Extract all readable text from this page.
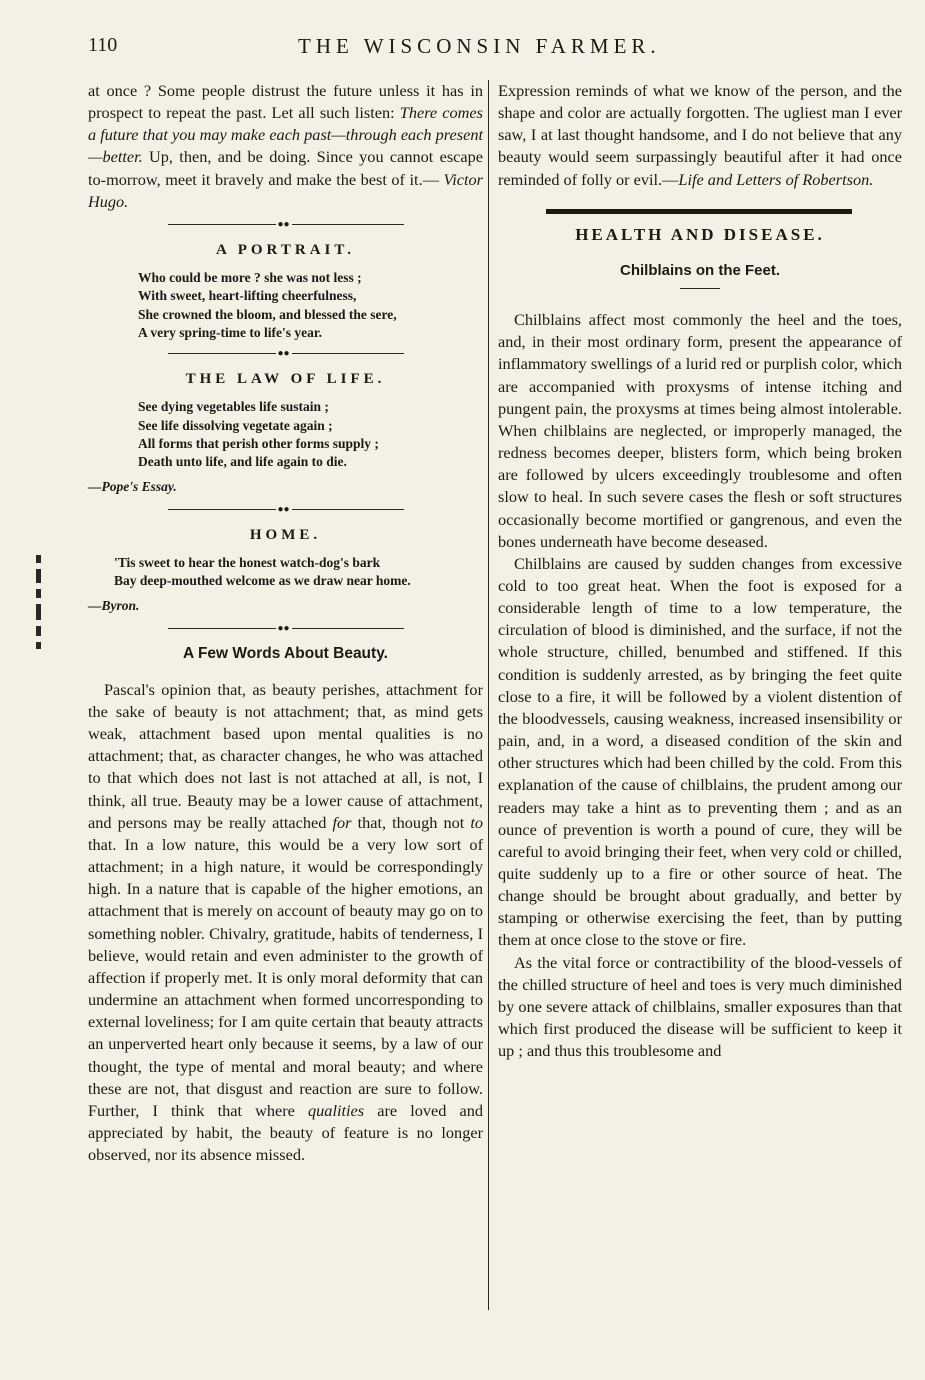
110	THE WISCONSIN FARMER.

at once ? Some people distrust the future unless it has in prospect to repeat the past. Let all such listen: There comes a future that you may make each past—through each present—better. Up, then, and be doing. Since you cannot escape to-morrow, meet it bravely and make the best of it.— Victor Hugo.

●●
A PORTRAIT.
Who could be more ? she was not less ;
With sweet, heart-lifting cheerfulness,
She crowned the bloom, and blessed the sere,
A very spring-time to life's year.
●●
THE LAW OF LIFE.
See dying vegetables life sustain ;
See life dissolving vegetate again ;
All forms that perish other forms supply ;
Death unto life, and life again to die.
—Pope's Essay.
●●
HOME.
'Tis sweet to hear the honest watch-dog's bark
Bay deep-mouthed welcome as we draw near home.
—Byron.
●●
A Few Words About Beauty.

Pascal's opinion that, as beauty perishes, attachment for the sake of beauty is not attachment; that, as mind gets weak, attachment based upon mental qualities is no attachment; that, as character changes, he who was attached to that which does not last is not attached at all, is not, I think, all true. Beauty may be a lower cause of attachment, and persons may be really attached for that, though not to that. In a low nature, this would be a very low sort of attachment; in a high nature, it would be correspondingly high. In a nature that is capable of the higher emotions, an attachment that is merely on account of beauty may go on to something nobler. Chivalry, gratitude, habits of tenderness, I believe, would retain and even administer to the growth of affection if properly met. It is only moral deformity that can undermine an attachment when formed uncorresponding to external loveliness; for I am quite certain that beauty attracts an unperverted heart only because it seems, by a law of our thought, the type of mental and moral beauty; and where these are not, that disgust and reaction are sure to follow. Further, I think that where qualities are loved and appreciated by habit, the beauty of feature is no longer observed, nor its absence missed.

Expression reminds of what we know of the person, and the shape and color are actually forgotten. The ugliest man I ever saw, I at last thought handsome, and I do not believe that any beauty would seem surpassingly beautiful after it had once reminded of folly or evil.—Life and Letters of Robertson.

HEALTH AND DISEASE.
Chilblains on the Feet.

Chilblains affect most commonly the heel and the toes, and, in their most ordinary form, present the appearance of inflammatory swellings of a lurid red or purplish color, which are accompanied with proxysms of intense itching and pungent pain, the proxysms at times being almost intolerable. When chilblains are neglected, or improperly managed, the redness becomes deeper, blisters form, which being broken are followed by ulcers exceedingly troublesome and often slow to heal. In such severe cases the flesh or soft structures occasionally become mortified or gangrenous, and even the bones underneath have become deseased.

Chilblains are caused by sudden changes from excessive cold to too great heat. When the foot is exposed for a considerable length of time to a low temperature, the circulation of blood is diminished, and the surface, if not the whole structure, chilled, benumbed and stiffened. If this condition is suddenly arrested, as by bringing the feet quite close to a fire, it will be followed by a violent distention of the bloodvessels, causing weakness, increased insensibility or pain, and, in a word, a diseased condition of the skin and other structures which had been chilled by the cold. From this explanation of the cause of chilblains, the prudent among our readers may take a hint as to preventing them ; and as an ounce of prevention is worth a pound of cure, they will be careful to avoid bringing their feet, when very cold or chilled, quite suddenly up to a fire or other source of heat. The change should be brought about gradually, and better by stamping or otherwise exercising the feet, than by putting them at once close to the stove or fire.

As the vital force or contractibility of the blood-vessels of the chilled structure of heel and toes is very much diminished by one severe attack of chilblains, smaller exposures than that which first produced the disease will be sufficient to keep it up ; and thus this troublesome and
